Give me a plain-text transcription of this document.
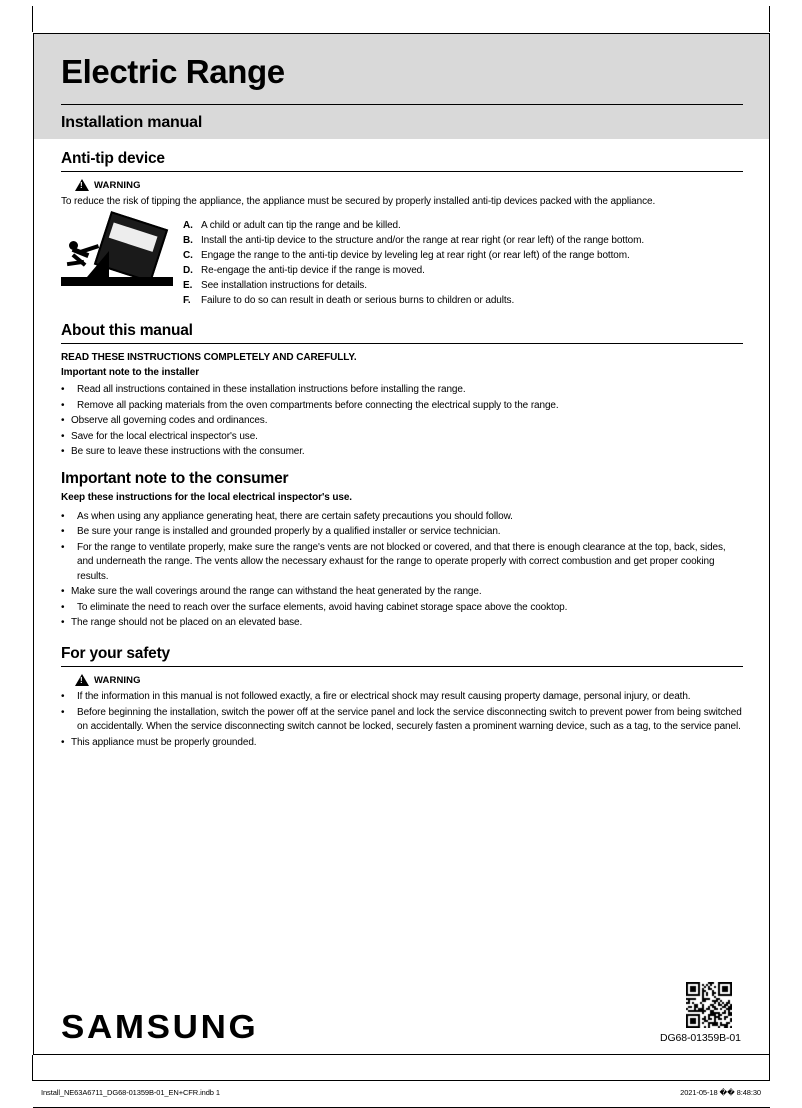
Electric Range
Installation manual
Anti-tip device
!
WARNING

To reduce the risk of tipping the appliance, the appliance must be secured by properly installed anti-tip devices packed with the appliance.

A. A child or adult can tip the range and be killed.
B. Install the anti-tip device to the structure and/or the range at rear right (or rear left) of the range bottom.
C. Engage the range to the anti-tip device by leveling leg at rear right (or rear left) of the range bottom.
D. Re-engage the anti-tip device if the range is moved.
E. See installation instructions for details.
F.	Failure to do so can result in death or serious burns to children or adults.
About this manual

READ THESE INSTRUCTIONS COMPLETELY AND CAREFULLY.

Important note to the installer

•	Read all instructions contained in these installation instructions before installing the range.
•	Remove all packing materials from the oven compartments before connecting the electrical supply to the range.
• Observe all governing codes and ordinances.
• Save for the local electrical inspector's use.
• Be sure to leave these instructions with the consumer.
Important note to the consumer

Keep these instructions for the local electrical inspector's use.

•	As when using any appliance generating heat, there are certain safety precautions you should follow.
•	Be sure your range is installed and grounded properly by a qualified installer or service technician.
•	For the range to ventilate properly, make sure the range's vents are not blocked or covered, and that there is enough clearance at the top, back, sides, and underneath the range. The vents allow the necessary exhaust for the range to operate properly with correct combustion and get proper cooking results.
• Make sure the wall coverings around the range can withstand the heat generated by the range.
•	To eliminate the need to reach over the surface elements, avoid having cabinet storage space above the cooktop.
• The range should not be placed on an elevated base.
For your safety
!
WARNING
•	If the information in this manual is not followed exactly, a fire or electrical shock may result causing property damage, personal injury, or death.
•	Before beginning the installation, switch the power off at the service panel and lock the service disconnecting switch to prevent power from being switched on accidentally. When the service disconnecting switch cannot be locked, securely fasten a prominent warning device, such as a tag, to the service panel.
• This appliance must be properly grounded.
SAMSUNG	DG68-01359B-01
Install_NE63A6711_DG68-01359B-01_EN+CFR.indb 1	2021-05-18 �� 8:48:30
